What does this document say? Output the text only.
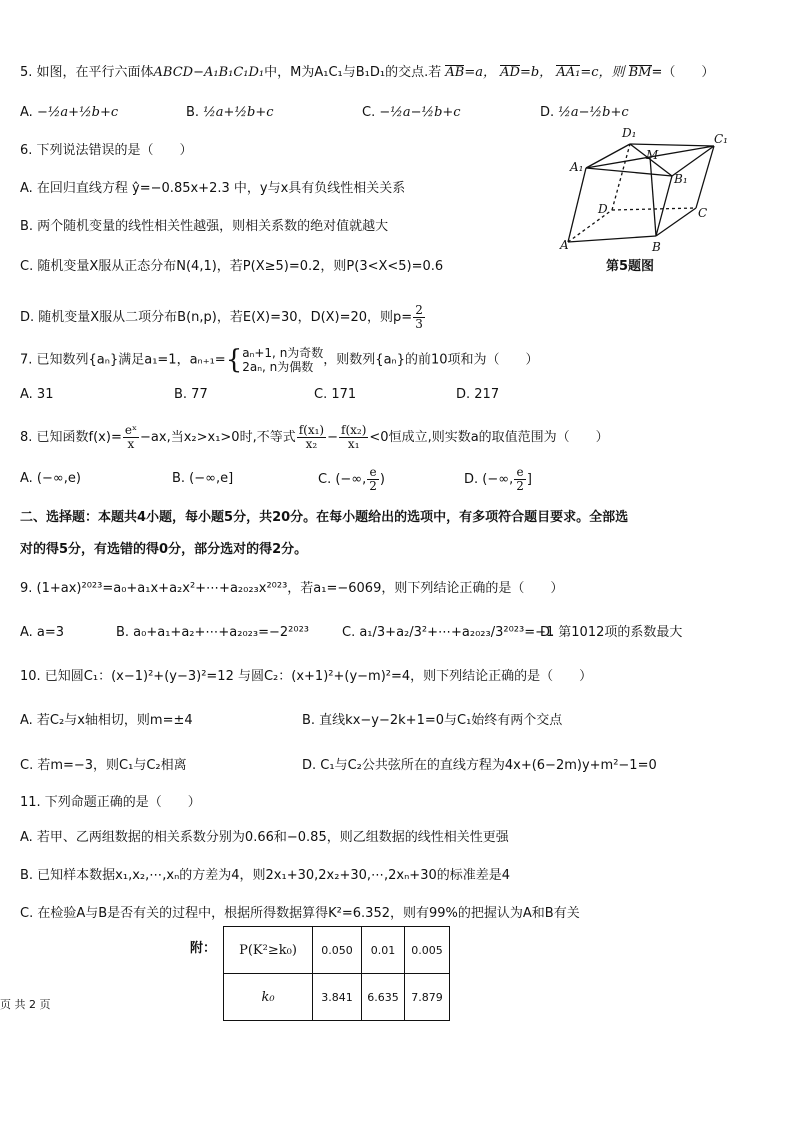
5. 如图，在平行六面体ABCD−A₁B₁C₁D₁中，M为A₁C₁与B₁D₁的交点.若 AB=a， AD=b， AA₁=c，则 BM=（　　）
A. −½a+½b+c	B. ½a+½b+c	C. −½a−½b+c	D. ½a−½b+c
D₁	C₁
A₁
M
B₁
D	C
A	B
第5题图
6. 下列说法错误的是（　　）
A. 在回归直线方程 ŷ=−0.85x+2.3 中，y与x具有负线性相关关系
B. 两个随机变量的线性相关性越强，则相关系数的绝对值就越大
C. 随机变量X服从正态分布N(4,1)，若P(X≥5)=0.2，则P(3<X<5)=0.6
D. 随机变量X服从二项分布B(n,p)，若E(X)=30，D(X)=20，则$p= \frac{2}{3}$
7. 已知数列{aₙ}满足a₁=1，aₙ₊₁={ aₙ+1, n为奇数
2aₙ, n为偶数 ，则数列{aₙ}的前10项和为（　　）
A. 31	B. 77	C. 171	D. 217
8. 已知函数$f(x)= \frac{\text{eˣ}}{x} -ax$,当x₂>x₁>0时,不等式 $\frac{\text{f(x₁)}}{\text{x₂}} - \frac{\text{f(x₂)}}{\text{x₁}} <0$恒成立,则实数a的取值范围为（　　）
A. (−∞,e)	B. (−∞,e]	C. (−∞, $\frac{e}{2}$ )	D. (−∞, $\frac{e}{2}$ ]
二、选择题：本题共4小题，每小题5分，共20分。在每小题给出的选项中，有多项符合题目要求。全部选
对的得5分，有选错的得0分，部分选对的得2分。
9. (1+ax)²⁰²³=a₀+a₁x+a₂x²+⋯+a₂₀₂₃x²⁰²³，若a₁=−6069，则下列结论正确的是（　　）
A. a=3	B. a₀+a₁+a₂+⋯+a₂₀₂₃=−2²⁰²³	C. a₁/3+a₂/3²+⋯+a₂₀₂₃/3²⁰²³=−1
D. 第1012项的系数最大
10. 已知圆C₁：(x−1)²+(y−3)²=12 与圆C₂：(x+1)²+(y−m)²=4，则下列结论正确的是（　　）
A. 若C₂与x轴相切，则m=±4	B. 直线kx−y−2k+1=0与C₁始终有两个交点
C. 若m=−3，则C₁与C₂相离	D. C₁与C₂公共弦所在的直线方程为4x+(6−2m)y+m²−1=0
11. 下列命题正确的是（　　）
A. 若甲、乙两组数据的相关系数分别为0.66和−0.85，则乙组数据的线性相关性更强
B. 已知样本数据x₁,x₂,⋯,xₙ的方差为4，则2x₁+30,2x₂+30,⋯,2xₙ+30的标准差是4
C. 在检验A与B是否有关的过程中，根据所得数据算得K²=6.352，则有99%的把握认为A和B有关
附： P(K²≥k₀)	0.050	0.01	0.005
k₀	3.841	6.635	7.879
页 共 2 页
